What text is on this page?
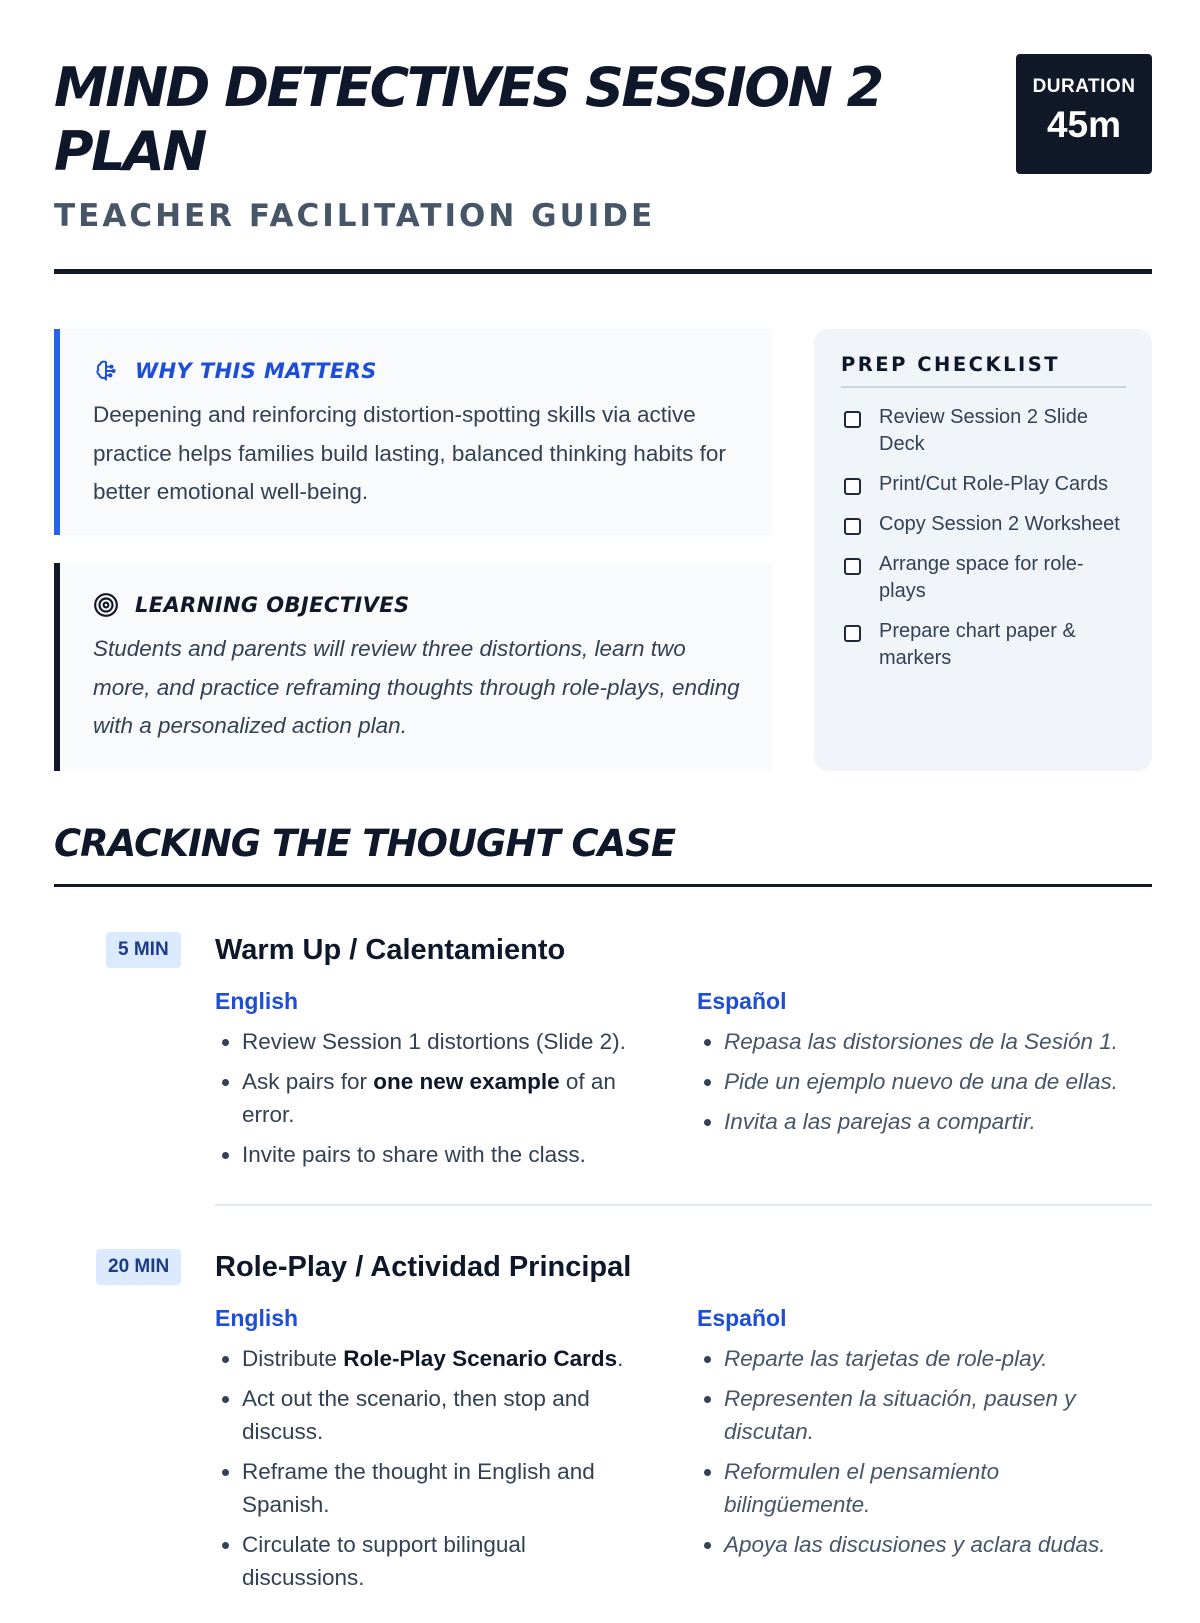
MIND DETECTIVES SESSION 2 PLAN
TEACHER FACILITATION GUIDE
DURATION
45m
WHY THIS MATTERS

Deepening and reinforcing distortion-spotting skills via active practice helps families build lasting, balanced thinking habits for better emotional well-being.

LEARNING OBJECTIVES

Students and parents will review three distortions, learn two more, and practice reframing thoughts through role-plays, ending with a personalized action plan.

PREP CHECKLIST
Review Session 2 Slide Deck
Print/Cut Role-Play Cards
Copy Session 2 Worksheet
Arrange space for role-plays
Prepare chart paper & markers
CRACKING THE THOUGHT CASE
5 MIN	Warm Up / Calentamiento

English

• Review Session 1 distortions (Slide 2).
• Ask pairs for one new example of an error.
• Invite pairs to share with the class.

Español

• Repasa las distorsiones de la Sesión 1.
• Pide un ejemplo nuevo de una de ellas.
• Invita a las parejas a compartir.
20 MIN	Role-Play / Actividad Principal

English

• Distribute Role-Play Scenario Cards.
• Act out the scenario, then stop and discuss.
• Reframe the thought in English and Spanish.
• Circulate to support bilingual discussions.

Español

• Reparte las tarjetas de role-play.
• Representen la situación, pausen y discutan.
• Reformulen el pensamiento bilingüemente.
• Apoya las discusiones y aclara dudas.
